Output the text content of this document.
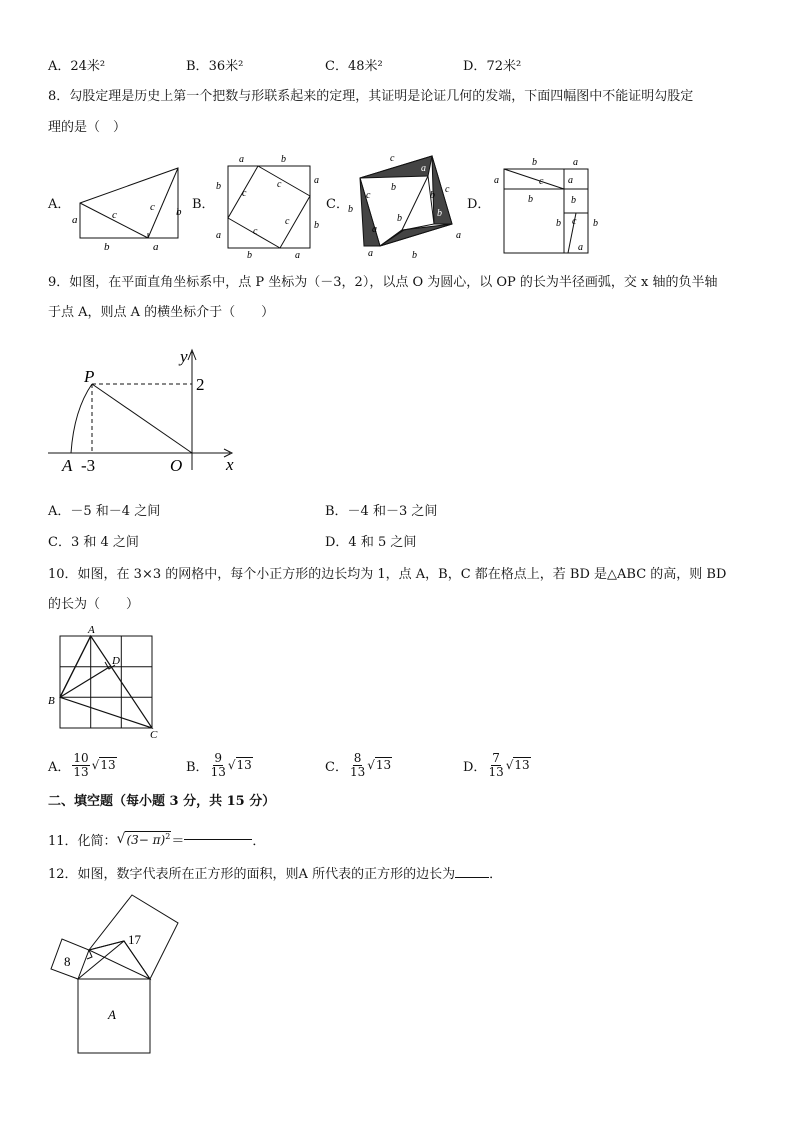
A．24米²	B．36米²	C．48米²	D．72米²
8．勾股定理是历史上第一个把数与形联系起来的定理，其证明是论证几何的发端，下面四幅图中不能证明勾股定
理的是（　）
A．	B．	C．	D．
a	c
c
b	a
b
a	b
b
a
a
b
b	a
c
c
c
c
c
a
b
c	b
c
b	b
b
a
a
a	b
b	a
a	c a
b	b
b c b
a
9．如图，在平面直角坐标系中，点 P 坐标为（－3，2），以点 O 为圆心，以 OP 的长为半径画弧，交 x 轴的负半轴
于点 A，则点 A 的横坐标介于（　　）
y
x
P	2
O
A -3
A．－5 和－4 之间	B．－4 和－3 之间
C．3 和 4 之间	D．4 和 5 之间
10．如图，在 3×3 的网格中，每个小正方形的边长均为 1，点 A，B，C 都在格点上，若 BD 是△ABC 的高，则 BD
的长为（　　）
A
D
B
C
A． $\frac{10}{13} √13$	B． $\frac{9}{13} √13$	C． $\frac{8}{13} √13$	D． $\frac{7}{13} √13$
二、填空题（每小题 3 分，共 15 分）
11．化简： √ $(3- \pi)^2$ ＝	．
12．如图，数字代表所在正方形的面积，则A 所代表的正方形的边长为	．
8
17
A
